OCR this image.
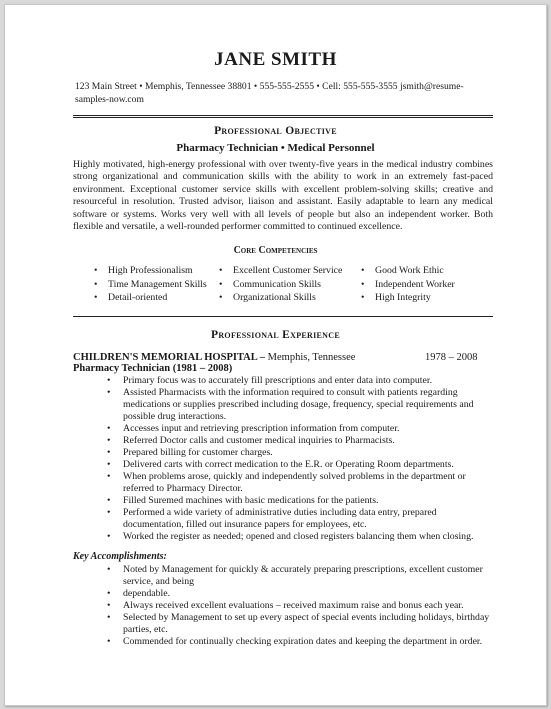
JANE SMITH
123 Main Street • Memphis, Tennessee 38801 • 555-555-2555 • Cell: 555-555-3555 jsmith@resume-samples-now.com
Professional Objective
Pharmacy Technician • Medical Personnel
Highly motivated, high-energy professional with over twenty-five years in the medical industry combines strong organizational and communication skills with the ability to work in an extremely fast-paced environment. Exceptional customer service skills with excellent problem-solving skills; creative and resourceful in resolution. Trusted advisor, liaison and assistant. Easily adaptable to learn any medical software or systems. Works very well with all levels of people but also an independent worker. Both flexible and versatile, a well-rounded performer committed to continued excellence.
Core Competencies
• High Professionalism
• Time Management Skills
• Detail-oriented
• Excellent Customer Service
• Communication Skills
• Organizational Skills
• Good Work Ethic
• Independent Worker
• High Integrity
Professional Experience
CHILDREN'S MEMORIAL HOSPITAL – Memphis, Tennessee	1978 – 2008
Pharmacy Technician (1981 – 2008)
• Primary focus was to accurately fill prescriptions and enter data into computer.
• Assisted Pharmacists with the information required to consult with patients regarding medications or supplies prescribed including dosage, frequency, special requirements and possible drug interactions.
• Accesses input and retrieving prescription information from computer.
• Referred Doctor calls and customer medical inquiries to Pharmacists.
• Prepared billing for customer charges.
• Delivered carts with correct medication to the E.R. or Operating Room departments.
• When problems arose, quickly and independently solved problems in the department or referred to Pharmacy Director.
• Filled Suremed machines with basic medications for the patients.
• Performed a wide variety of administrative duties including data entry, prepared documentation, filled out insurance papers for employees, etc.
• Worked the register as needed; opened and closed registers balancing them when closing.
Key Accomplishments:
• Noted by Management for quickly & accurately preparing prescriptions, excellent customer service, and being
• dependable.
• Always received excellent evaluations – received maximum raise and bonus each year.
• Selected by Management to set up every aspect of special events including holidays, birthday parties, etc.
• Commended for continually checking expiration dates and keeping the department in order.
